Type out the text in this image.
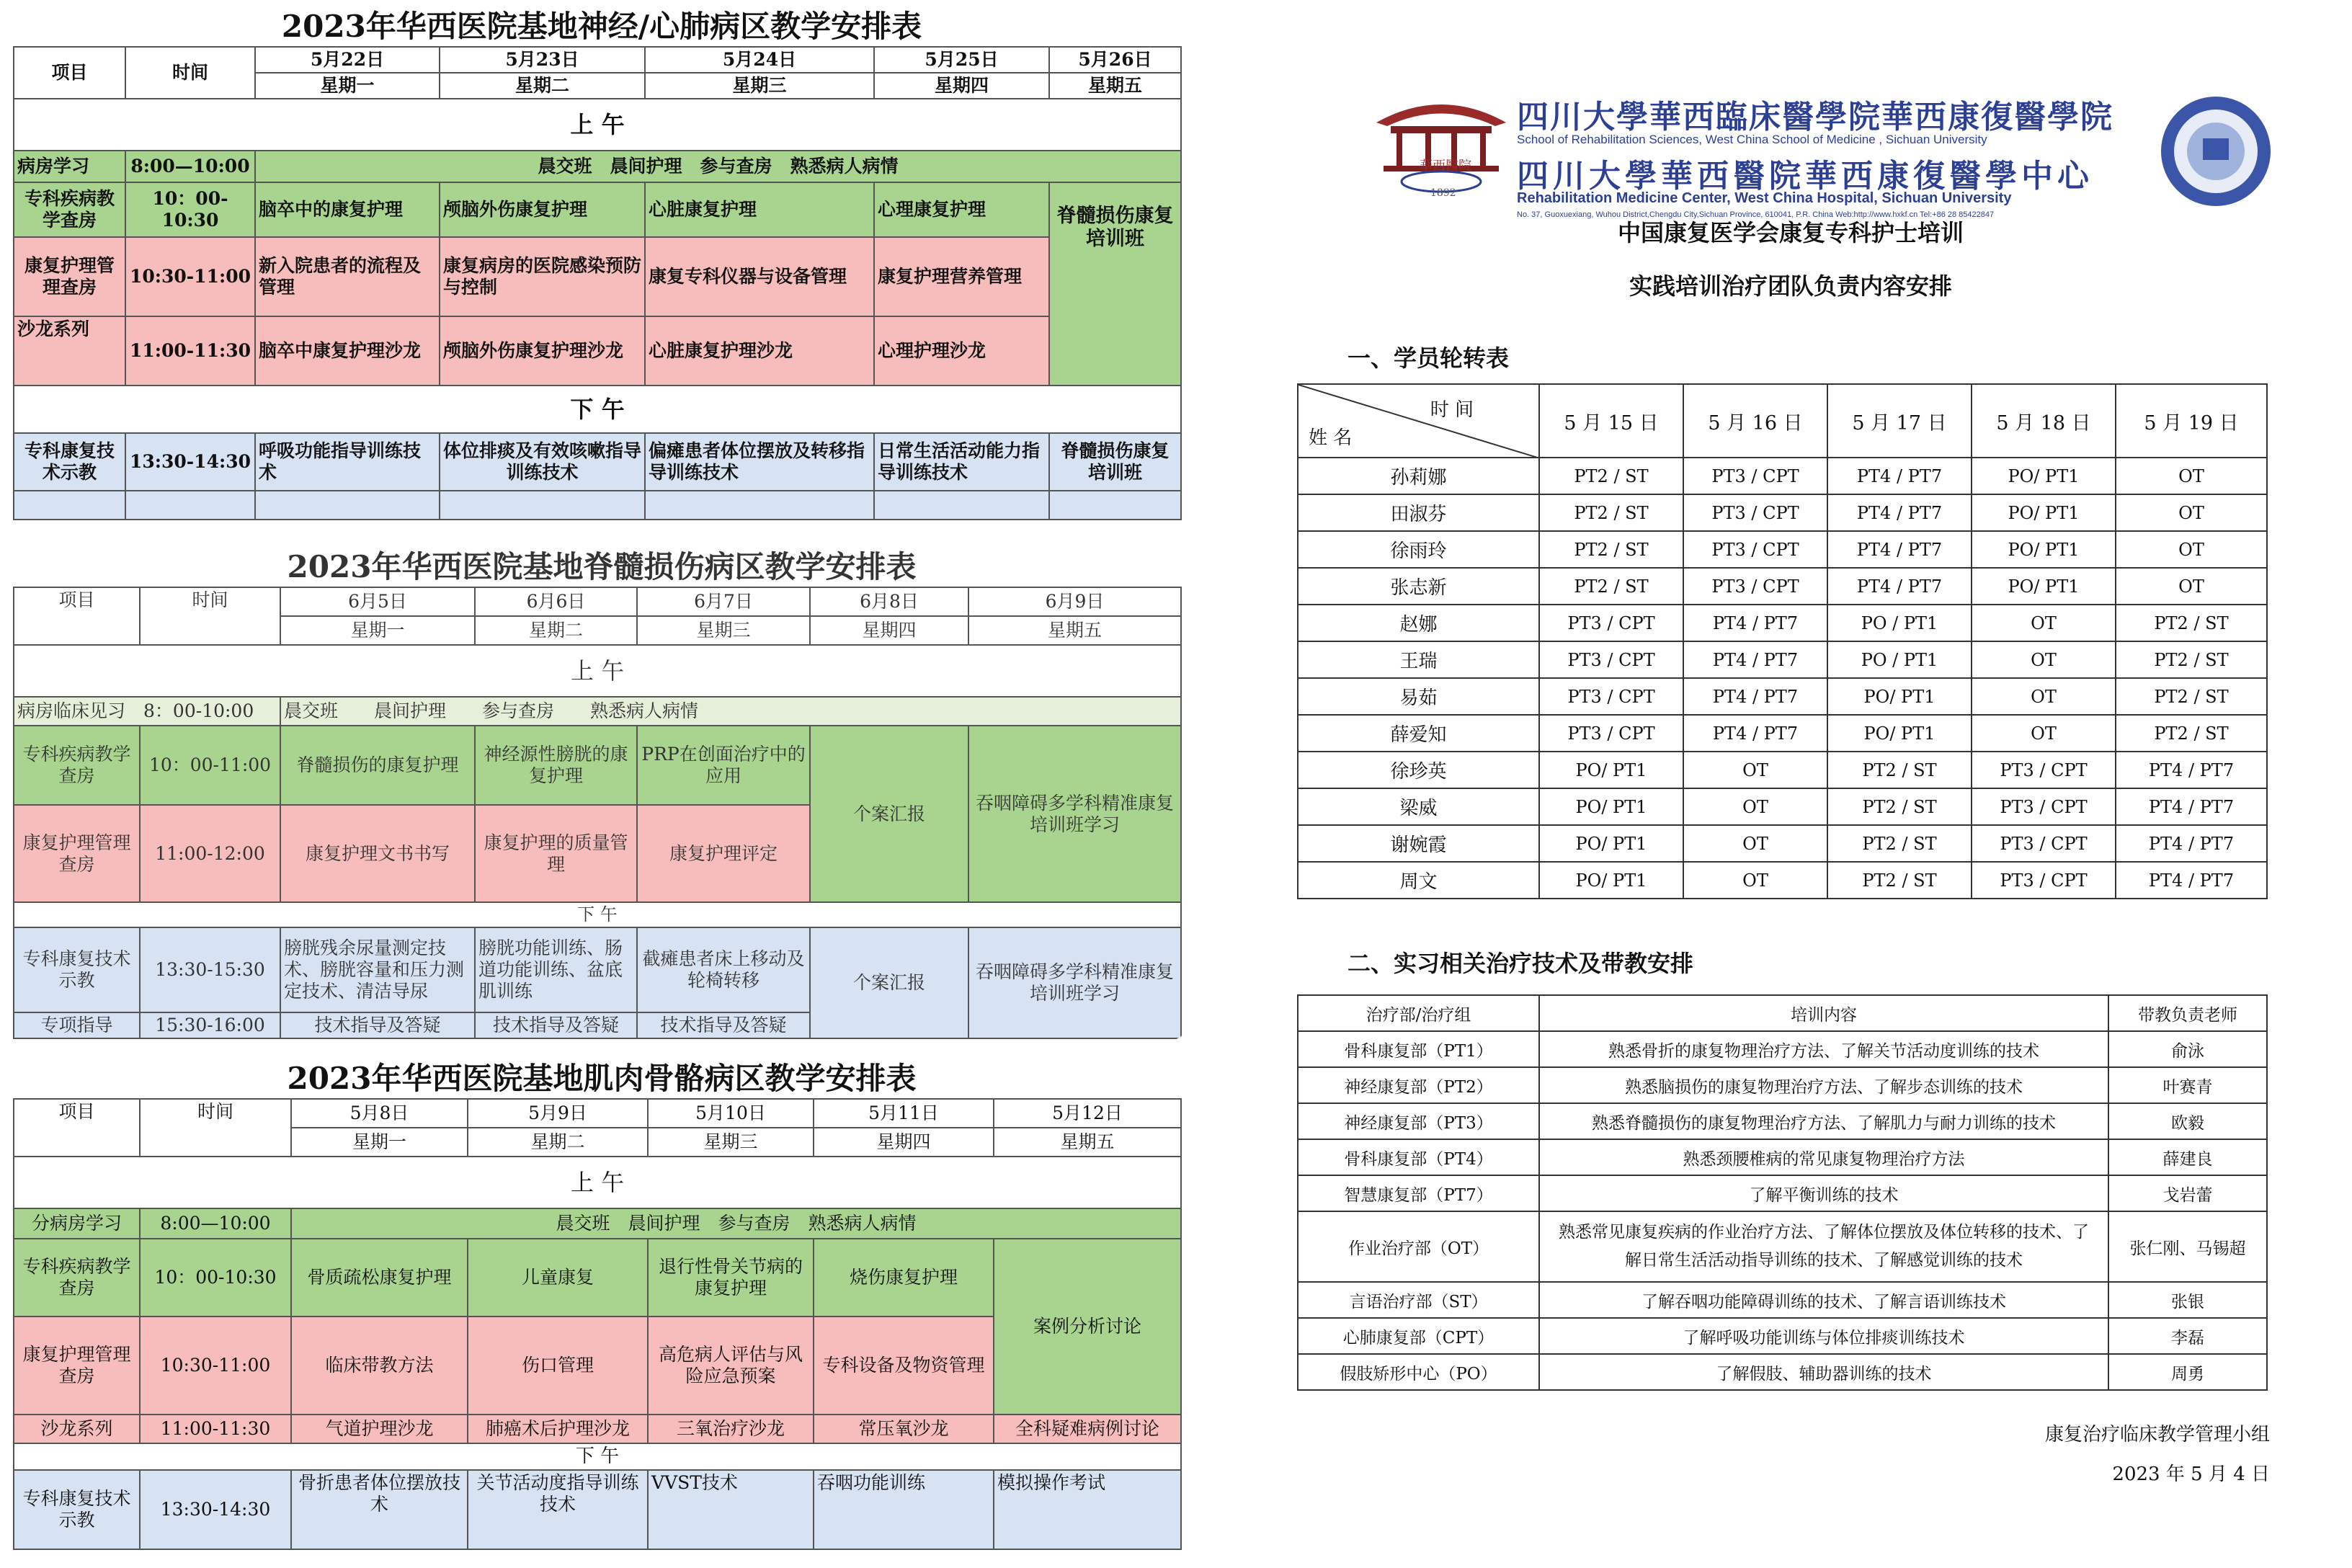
2023年华西医院基地神经/心肺病区教学安排表
项目	时间	5月22日	5月23日	5月24日	5月25日	5月26日
		星期一	星期二	星期三	星期四	星期五
上 午						
病房学习	8:00—10:00	晨交班　晨间护理　参与查房　熟悉病人病情				
专科疾病教学查房	10：00-10:30	脑卒中的康复护理	颅脑外伤康复护理	心脏康复护理	心理康复护理	脊髓损伤康复培训班
康复护理管理查房	10:30-11:00	新入院患者的流程及管理	康复病房的医院感染预防与控制	康复专科仪器与设备管理	康复护理营养管理	
沙龙系列	11:00-11:30	脑卒中康复护理沙龙	颅脑外伤康复护理沙龙	心脏康复护理沙龙	心理护理沙龙	
下 午						
专科康复技术示教	13:30-14:30	呼吸功能指导训练技术	体位排痰及有效咳嗽指导训练技术	偏瘫患者体位摆放及转移指导训练技术	日常生活活动能力指导训练技术	脊髓损伤康复培训班

2023年华西医院基地脊髓损伤病区教学安排表
项目	时间	6月5日	6月6日	6月7日	6月8日	6月9日
		星期一	星期二	星期三	星期四	星期五
上 午						
病房临床见习　 8：00-10:00		晨交班　　晨间护理　　参与查房　　熟悉病人病情				
专科疾病教学查房	10：00-11:00	脊髓损伤的康复护理	神经源性膀胱的康复护理	PRP在创面治疗中的应用	个案汇报	吞咽障碍多学科精准康复培训班学习
康复护理管理查房	11:00-12:00	康复护理文书书写	康复护理的质量管理	康复护理评定		
下 午						
专科康复技术示教	13:30-15:30	膀胱残余尿量测定技术、膀胱容量和压力测定技术、清洁导尿	膀胱功能训练、肠道功能训练、盆底肌训练	截瘫患者床上移动及轮椅转移	个案汇报	吞咽障碍多学科精准康复培训班学习
专项指导	15:30-16:00	技术指导及答疑	技术指导及答疑	技术指导及答疑		
2023年华西医院基地肌肉骨骼病区教学安排表
项目	时间	5月8日	5月9日	5月10日	5月11日	5月12日
		星期一	星期二	星期三	星期四	星期五
上 午						
分病房学习	8:00—10:00	晨交班　晨间护理　参与查房　熟悉病人病情				
专科疾病教学查房	10：00-10:30	骨质疏松康复护理	儿童康复	退行性骨关节病的康复护理	烧伤康复护理	案例分析讨论
康复护理管理查房	10:30-11:00	临床带教方法	伤口管理	高危病人评估与风险应急预案	专科设备及物资管理	
沙龙系列	11:00-11:30	气道护理沙龙	肺癌术后护理沙龙	三氧治疗沙龙	常压氧沙龙	全科疑难病例讨论
下 午						
专科康复技术示教	13:30-14:30	骨折患者体位摆放技术	关节活动度指导训练技术	VVST技术	吞咽功能训练	模拟操作考试
華西醫院
1892
四川大學華西臨床醫學院華西康復醫學院
School of Rehabilitation Sciences, West China School of Medicine , Sichuan University
四川大學華西醫院華西康復醫學中心
Rehabilitation Medicine Center, West China Hospital, Sichuan University
No. 37, Guoxuexiang, Wuhou District,Chengdu City,Sichuan Province, 610041, P.R. China Web:http://www.hxkf.cn Tel:+86 28 85422847
中国康复医学会康复专科护士培训
实践培训治疗团队负责内容安排
一、学员轮转表
时 间
姓 名	5 月 15 日	5 月 16 日	5 月 17 日	5 月 18 日	5 月 19 日
孙莉娜	PT2 / ST	PT3 / CPT	PT4 / PT7	PO/ PT1	OT
田淑芬	PT2 / ST	PT3 / CPT	PT4 / PT7	PO/ PT1	OT
徐雨玲	PT2 / ST	PT3 / CPT	PT4 / PT7	PO/ PT1	OT
张志新	PT2 / ST	PT3 / CPT	PT4 / PT7	PO/ PT1	OT
赵娜	PT3 / CPT	PT4 / PT7	PO / PT1	OT	PT2 / ST
王瑞	PT3 / CPT	PT4 / PT7	PO / PT1	OT	PT2 / ST
易茹	PT3 / CPT	PT4 / PT7	PO/ PT1	OT	PT2 / ST
薛爱知	PT3 / CPT	PT4 / PT7	PO/ PT1	OT	PT2 / ST
徐珍英	PO/ PT1	OT	PT2 / ST	PT3 / CPT	PT4 / PT7
梁威	PO/ PT1	OT	PT2 / ST	PT3 / CPT	PT4 / PT7
谢婉霞	PO/ PT1	OT	PT2 / ST	PT3 / CPT	PT4 / PT7
周文	PO/ PT1	OT	PT2 / ST	PT3 / CPT	PT4 / PT7
二、实习相关治疗技术及带教安排
治疗部/治疗组	培训内容	带教负责老师
骨科康复部（PT1）	熟悉骨折的康复物理治疗方法、了解关节活动度训练的技术	俞泳
神经康复部（PT2）	熟悉脑损伤的康复物理治疗方法、了解步态训练的技术	叶赛青
神经康复部（PT3）	熟悉脊髓损伤的康复物理治疗方法、了解肌力与耐力训练的技术	欧毅
骨科康复部（PT4）	熟悉颈腰椎病的常见康复物理治疗方法	薛建良
智慧康复部（PT7）	了解平衡训练的技术	戈岩蕾
作业治疗部（OT）	熟悉常见康复疾病的作业治疗方法、了解体位摆放及体位转移的技术、了解日常生活活动指导训练的技术、了解感觉训练的技术	张仁刚、马锡超
言语治疗部（ST）	了解吞咽功能障碍训练的技术、了解言语训练技术	张银
心肺康复部（CPT）	了解呼吸功能训练与体位排痰训练技术	李磊
假肢矫形中心（PO）	了解假肢、辅助器训练的技术	周勇
康复治疗临床教学管理小组
2023 年 5 月 4 日
